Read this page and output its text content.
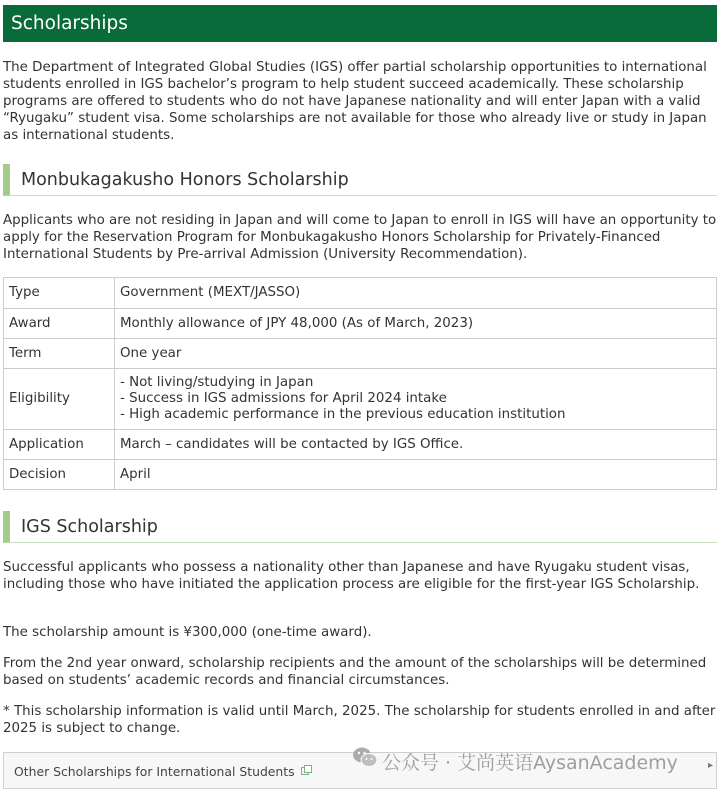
Scholarships

The Department of Integrated Global Studies (IGS) offer partial scholarship opportunities to international students enrolled in IGS bachelor’s program to help student succeed academically. These scholarship programs are offered to students who do not have Japanese nationality and will enter Japan with a valid “Ryugaku” student visa. Some scholarships are not available for those who already live or study in Japan as international students.

Monbukagakusho Honors Scholarship

Applicants who are not residing in Japan and will come to Japan to enroll in IGS will have an opportunity to apply for the Reservation Program for Monbukagakusho Honors Scholarship for Privately-Financed International Students by Pre-arrival Admission (University Recommendation).

Type	Government (MEXT/JASSO)
Award	Monthly allowance of JPY 48,000 (As of March, 2023)
Term	One year
Eligibility	- Not living/studying in Japan
- Success in IGS admissions for April 2024 intake
- High academic performance in the previous education institution

Application	March – candidates will be contacted by IGS Office.
Decision	April
IGS Scholarship

Successful applicants who possess a nationality other than Japanese and have Ryugaku student visas, including those who have initiated the application process are eligible for the first-year IGS Scholarship.

The scholarship amount is ¥300,000 (one-time award).

From the 2nd year onward, scholarship recipients and the amount of the scholarships will be determined based on students’ academic records and financial circumstances.

* This scholarship information is valid until March, 2025. The scholarship for students enrolled in and after 2025 is subject to change.

Other Scholarships for International Students	公众号 · 艾尚英语AysanAcademy	▸
